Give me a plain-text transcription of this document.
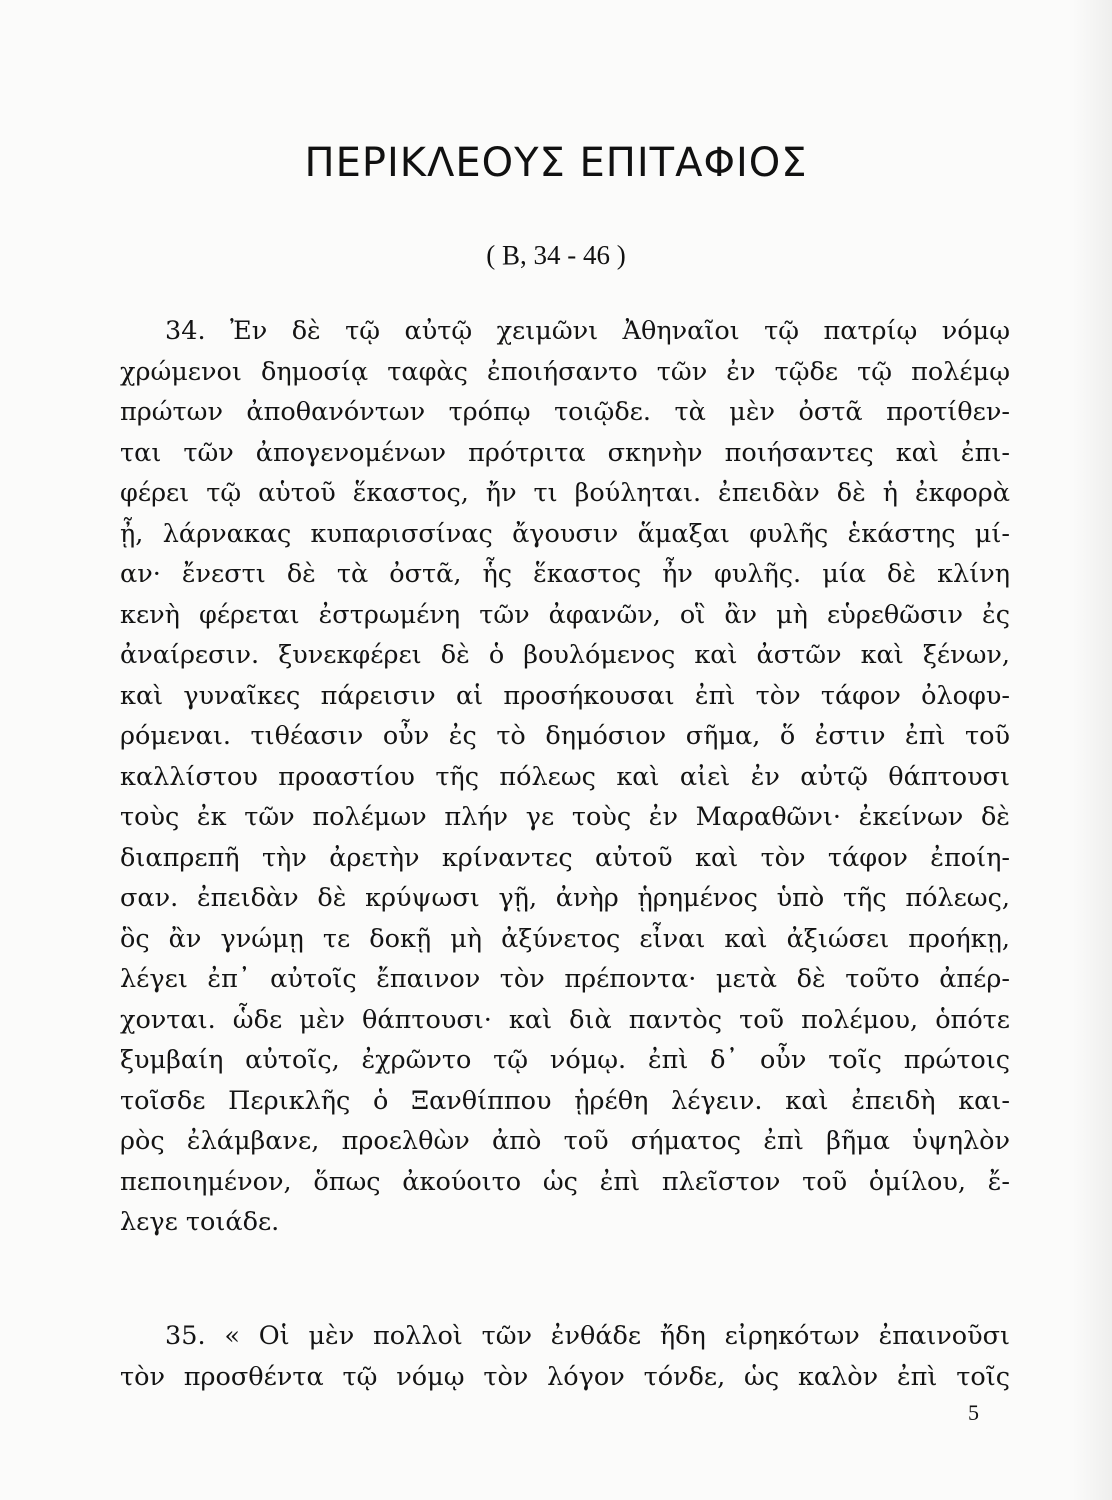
ΠΕΡΙΚΛΕΟΥΣ ΕΠΙΤΑΦΙΟΣ
( Β, 34 - 46 )
34. Ἐν δὲ τῷ αὐτῷ χειμῶνι Ἀθηναῖοι τῷ πατρίῳ νόμῳ
χρώμενοι δημοσίᾳ ταφὰς ἐποιήσαντο τῶν ἐν τῷδε τῷ πολέμῳ
πρώτων ἀποθανόντων τρόπῳ τοιῷδε. τὰ μὲν ὀστᾶ προτίθεν-
ται τῶν ἀπογενομένων πρότριτα σκηνὴν ποιήσαντες καὶ ἐπι-
φέρει τῷ αὑτοῦ ἕκαστος, ἤν τι βούληται. ἐπειδὰν δὲ ἡ ἐκφορὰ
ᾖ, λάρνακας κυπαρισσίνας ἄγουσιν ἅμαξαι φυλῆς ἑκάστης μί-
αν· ἔνεστι δὲ τὰ ὀστᾶ, ἧς ἕκαστος ἦν φυλῆς. μία δὲ κλίνη
κενὴ φέρεται ἐστρωμένη τῶν ἀφανῶν, οἳ ἂν μὴ εὑρεθῶσιν ἐς
ἀναίρεσιν. ξυνεκφέρει δὲ ὁ βουλόμενος καὶ ἀστῶν καὶ ξένων,
καὶ γυναῖκες πάρεισιν αἱ προσήκουσαι ἐπὶ τὸν τάφον ὀλοφυ-
ρόμεναι. τιθέασιν οὖν ἐς τὸ δημόσιον σῆμα, ὅ ἐστιν ἐπὶ τοῦ
καλλίστου προαστίου τῆς πόλεως καὶ αἰεὶ ἐν αὐτῷ θάπτουσι
τοὺς ἐκ τῶν πολέμων πλήν γε τοὺς ἐν Μαραθῶνι· ἐκείνων δὲ
διαπρεπῆ τὴν ἀρετὴν κρίναντες αὐτοῦ καὶ τὸν τάφον ἐποίη-
σαν. ἐπειδὰν δὲ κρύψωσι γῇ, ἀνὴρ ᾑρημένος ὑπὸ τῆς πόλεως,
ὃς ἂν γνώμῃ τε δοκῇ μὴ ἀξύνετος εἶναι καὶ ἀξιώσει προήκῃ,
λέγει ἐπ᾽ αὐτοῖς ἔπαινον τὸν πρέποντα· μετὰ δὲ τοῦτο ἀπέρ-
χονται. ὧδε μὲν θάπτουσι· καὶ διὰ παντὸς τοῦ πολέμου, ὁπότε
ξυμβαίη αὐτοῖς, ἐχρῶντο τῷ νόμῳ. ἐπὶ δ᾽ οὖν τοῖς πρώτοις
τοῖσδε Περικλῆς ὁ Ξανθίππου ᾑρέθη λέγειν. καὶ ἐπειδὴ και-
ρὸς ἐλάμβανε, προελθὼν ἀπὸ τοῦ σήματος ἐπὶ βῆμα ὑψηλὸν
πεποιημένον, ὅπως ἀκούοιτο ὡς ἐπὶ πλεῖστον τοῦ ὁμίλου, ἔ-
λεγε τοιάδε.
35. « Οἱ μὲν πολλοὶ τῶν ἐνθάδε ἤδη εἰρηκότων ἐπαινοῦσι
τὸν προσθέντα τῷ νόμῳ τὸν λόγον τόνδε, ὡς καλὸν ἐπὶ τοῖς
5
